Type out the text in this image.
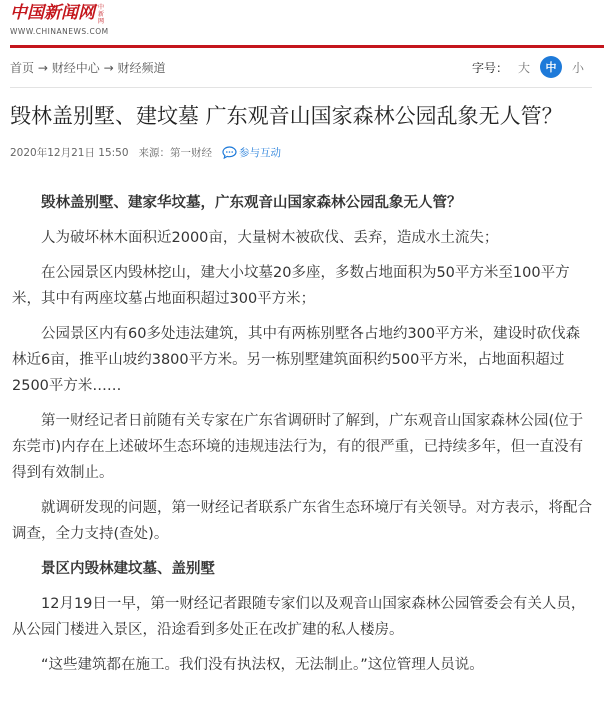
中国新闻网 中新网
WWW.CHINANEWS.COM
首页 → 财经中心 → 财经频道	字号： 大	中	小
毁林盖别墅、建坟墓 广东观音山国家森林公园乱象无人管？
2020年12月21日 15:50 来源：第一财经	参与互动

毁林盖别墅、建家华坟墓，广东观音山国家森林公园乱象无人管？

人为破坏林木面积近2000亩，大量树木被砍伐、丢弃，造成水土流失；

在公园景区内毁林挖山，建大小坟墓20多座，多数占地面积为50平方米至100平方米，其中有两座坟墓占地面积超过300平方米；

公园景区内有60多处违法建筑，其中有两栋别墅各占地约300平方米，建设时砍伐森林近6亩，推平山坡约3800平方米。另一栋别墅建筑面积约500平方米，占地面积超过2500平方米……

第一财经记者日前随有关专家在广东省调研时了解到，广东观音山国家森林公园(位于东莞市)内存在上述破坏生态环境的违规违法行为，有的很严重，已持续多年，但一直没有得到有效制止。

就调研发现的问题，第一财经记者联系广东省生态环境厅有关领导。对方表示，将配合调查，全力支持(查处)。

景区内毁林建坟墓、盖别墅

12月19日一早，第一财经记者跟随专家们以及观音山国家森林公园管委会有关人员，从公园门楼进入景区，沿途看到多处正在改扩建的私人楼房。

“这些建筑都在施工。我们没有执法权，无法制止。”这位管理人员说。
